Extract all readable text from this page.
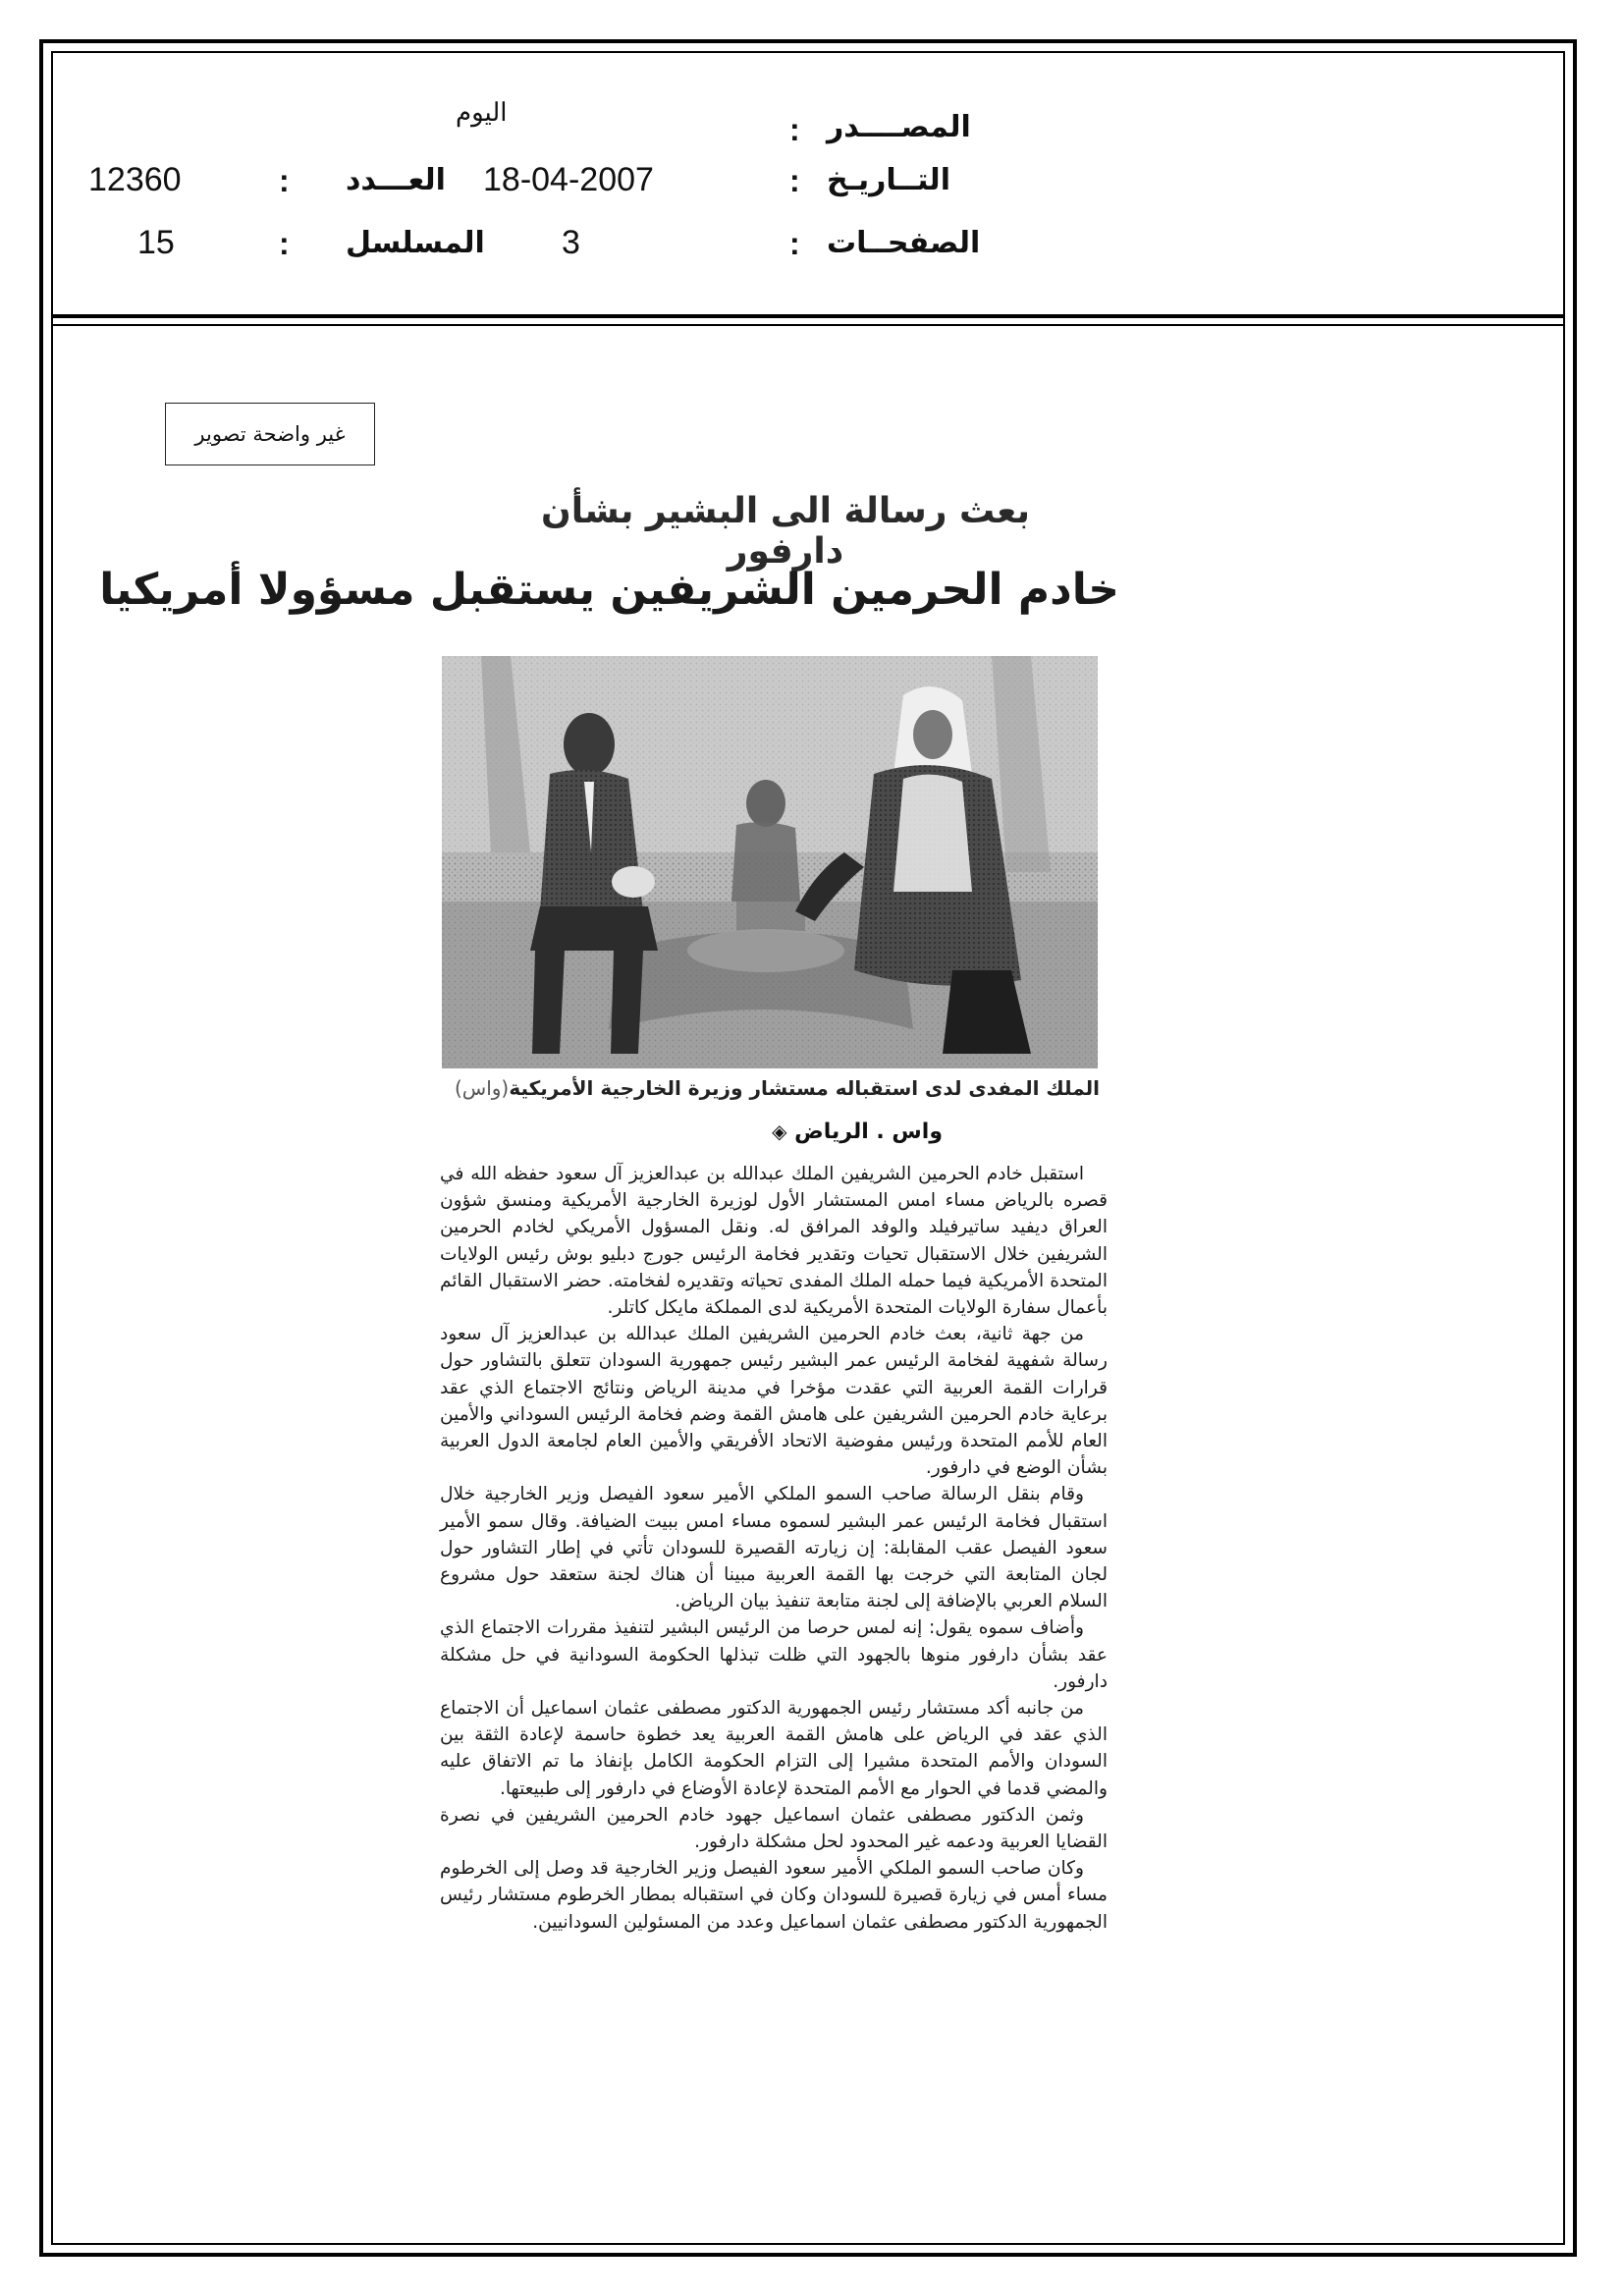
المصــــدر
:
اليوم
التــاريـخ
:
18-04-2007
العـــدد
:
12360
الصفحــات
:
3
المسلسل
:
15
غير واضحة تصوير
بعث رسالة الى البشير بشأن دارفور
خادم الحرمين الشريفين يستقبل مسؤولا أمريكيا
الملك المفدى لدى استقباله مستشار وزيرة الخارجية الأمريكية
(واس)
واس . الرياض ◈

استقبل خادم الحرمين الشريفين الملك عبدالله بن عبدالعزيز آل سعود حفظه الله في قصره بالرياض مساء امس المستشار الأول لوزيرة الخارجية الأمريكية ومنسق شؤون العراق ديفيد ساتيرفيلد والوفد المرافق له. ونقل المسؤول الأمريكي لخادم الحرمين الشريفين خلال الاستقبال تحيات وتقدير فخامة الرئيس جورج دبليو بوش رئيس الولايات المتحدة الأمريكية فيما حمله الملك المفدى تحياته وتقديره لفخامته. حضر الاستقبال القائم بأعمال سفارة الولايات المتحدة الأمريكية لدى المملكة مايكل كاتلر.

من جهة ثانية، بعث خادم الحرمين الشريفين الملك عبدالله بن عبدالعزيز آل سعود رسالة شفهية لفخامة الرئيس عمر البشير رئيس جمهورية السودان تتعلق بالتشاور حول قرارات القمة العربية التي عقدت مؤخرا في مدينة الرياض ونتائج الاجتماع الذي عقد برعاية خادم الحرمين الشريفين على هامش القمة وضم فخامة الرئيس السوداني والأمين العام للأمم المتحدة ورئيس مفوضية الاتحاد الأفريقي والأمين العام لجامعة الدول العربية بشأن الوضع في دارفور.

وقام بنقل الرسالة صاحب السمو الملكي الأمير سعود الفيصل وزير الخارجية خلال استقبال فخامة الرئيس عمر البشير لسموه مساء امس ببيت الضيافة. وقال سمو الأمير سعود الفيصل عقب المقابلة: إن زيارته القصيرة للسودان تأتي في إطار التشاور حول لجان المتابعة التي خرجت بها القمة العربية مبينا أن هناك لجنة ستعقد حول مشروع السلام العربي بالإضافة إلى لجنة متابعة تنفيذ بيان الرياض.

وأضاف سموه يقول: إنه لمس حرصا من الرئيس البشير لتنفيذ مقررات الاجتماع الذي عقد بشأن دارفور منوها بالجهود التي ظلت تبذلها الحكومة السودانية في حل مشكلة دارفور.

من جانبه أكد مستشار رئيس الجمهورية الدكتور مصطفى عثمان اسماعيل أن الاجتماع الذي عقد في الرياض على هامش القمة العربية يعد خطوة حاسمة لإعادة الثقة بين السودان والأمم المتحدة مشيرا إلى التزام الحكومة الكامل بإنفاذ ما تم الاتفاق عليه والمضي قدما في الحوار مع الأمم المتحدة لإعادة الأوضاع في دارفور إلى طبيعتها.

وثمن الدكتور مصطفى عثمان اسماعيل جهود خادم الحرمين الشريفين في نصرة القضايا العربية ودعمه غير المحدود لحل مشكلة دارفور.

وكان صاحب السمو الملكي الأمير سعود الفيصل وزير الخارجية قد وصل إلى الخرطوم مساء أمس في زيارة قصيرة للسودان وكان في استقباله بمطار الخرطوم مستشار رئيس الجمهورية الدكتور مصطفى عثمان اسماعيل وعدد من المسئولين السودانيين.
